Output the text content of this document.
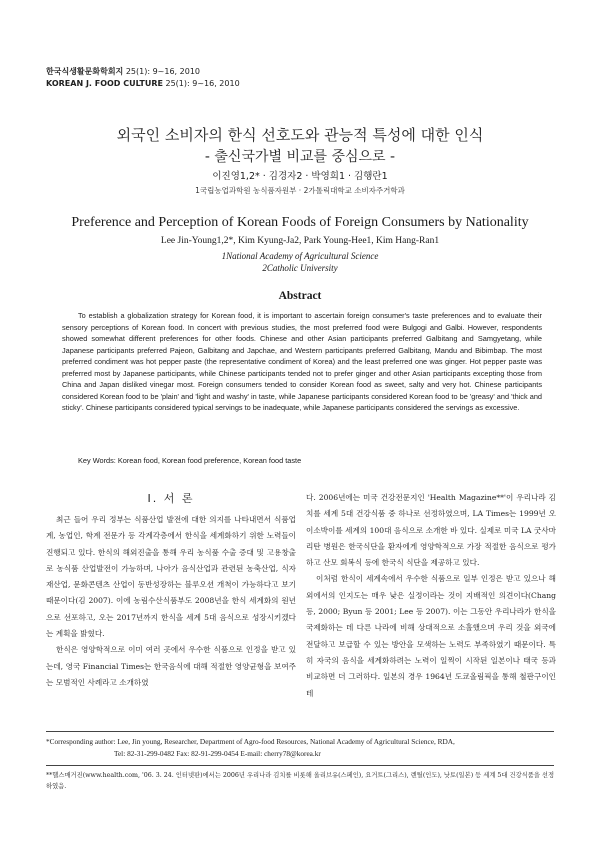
한국식생활문화학회지 25(1): 9~16, 2010
KOREAN J. FOOD CULTURE 25(1): 9~16, 2010
외국인 소비자의 한식 선호도와 관능적 특성에 대한 인식
- 출신국가별 비교를 중심으로 -
이진영1,2* · 김경자2 · 박영희1 · 김행란1
1국립농업과학원 농식품자원부 · 2가톨릭대학교 소비자주거학과
Preference and Perception of Korean Foods of Foreign Consumers by Nationality
Lee Jin-Young1,2*, Kim Kyung-Ja2, Park Young-Hee1, Kim Hang-Ran1
1National Academy of Agricultural Science
2Catholic University
Abstract

To establish a globalization strategy for Korean food, it is important to ascertain foreign consumer's taste preferences and to evaluate their sensory perceptions of Korean food. In concert with previous studies, the most preferred food were Bulgogi and Galbi. However, respondents showed somewhat different preferences for other foods. Chinese and other Asian participants preferred Galbitang and Samgyetang, while Japanese participants preferred Pajeon, Galbitang and Japchae, and Western participants preferred Galbitang, Mandu and Bibimbap. The most preferred condiment was hot pepper paste (the representative condiment of Korea) and the least preferred one was ginger. Hot pepper paste was preferred most by Japanese participants, while Chinese participants tended not to prefer ginger and other Asian participants excepting those from China and Japan disliked vinegar most. Foreign consumers tended to consider Korean food as sweet, salty and very hot. Chinese participants considered Korean food to be 'plain' and 'light and washy' in taste, while Japanese participants considered Korean food to be 'greasy' and 'thick and sticky'. Chinese participants considered typical servings to be inadequate, while Japanese participants considered the servings as excessive.

Key Words: Korean food, Korean food preference, Korean food taste
I. 서 론

최근 들어 우리 정부는 식품산업 발전에 대한 의지를 나타내면서 식품업계, 농업인, 학계 전문가 등 각계각층에서 한식을 세계화하기 위한 노력들이 진행되고 있다. 한식의 해외진출을 통해 우리 농식품 수출 증대 및 고용창출로 농식품 산업발전이 가능하며, 나아가 음식산업과 관련된 농축산업, 식자재산업, 문화콘텐츠 산업이 동반성장하는 블루오션 개척이 가능하다고 보기 때문이다(김 2007). 이에 농림수산식품부도 2008년을 한식 세계화의 원년으로 선포하고, 오는 2017년까지 한식을 세계 5대 음식으로 성장시키겠다는 계획을 밝혔다.

한식은 영양학적으로 이미 여러 곳에서 우수한 식품으로 인정을 받고 있는데, 영국 Financial Times는 한국음식에 대해 적절한 영양균형을 보여주는 모범적인 사례라고 소개하였

다. 2006년에는 미국 건강전문지인 'Health Magazine**'이 우리나라 김치를 세계 5대 건강식품 중 하나로 선정하였으며, LA Times는 1999년 오이소박이를 세계의 100대 음식으로 소개한 바 있다. 실제로 미국 LA 굿사마리탄 병원은 한국식단을 환자에게 영양학적으로 가장 적절한 음식으로 평가하고 산모 회복식 등에 한국식 식단을 제공하고 있다.

이처럼 한식이 세계속에서 우수한 식품으로 일부 인정은 받고 있으나 해외에서의 인지도는 매우 낮은 실정이라는 것이 지배적인 의견이다(Chang 등, 2000; Byun 등 2001; Lee 등 2007). 이는 그동안 우리나라가 한식을 국제화하는 데 다른 나라에 비해 상대적으로 소홀했으며 우리 것을 외국에 전달하고 보급할 수 있는 방안을 모색하는 노력도 부족하였기 때문이다. 특히 자국의 음식을 세계화하려는 노력이 일찍이 시작된 일본이나 태국 등과 비교하면 더 그러하다. 일본의 경우 1964년 도쿄올림픽을 통해 철판구이인 테

*Corresponding author: Lee, Jin young, Researcher, Department of Agro-food Resources, National Academy of Agricultural Science, RDA,
Tel: 82-31-299-0482 Fax: 82-91-299-0454 E-mail: cherry78@korea.kr
**헬스매거진(www.health.com, '06. 3. 24. 인터넷판)에서는 2006년 우리나라 김치를 비롯해 올리브유(스페인), 요거트(그리스), 렌틸(인도), 낫토(일본) 등 세계 5대 건강식품을 선정하였음.
